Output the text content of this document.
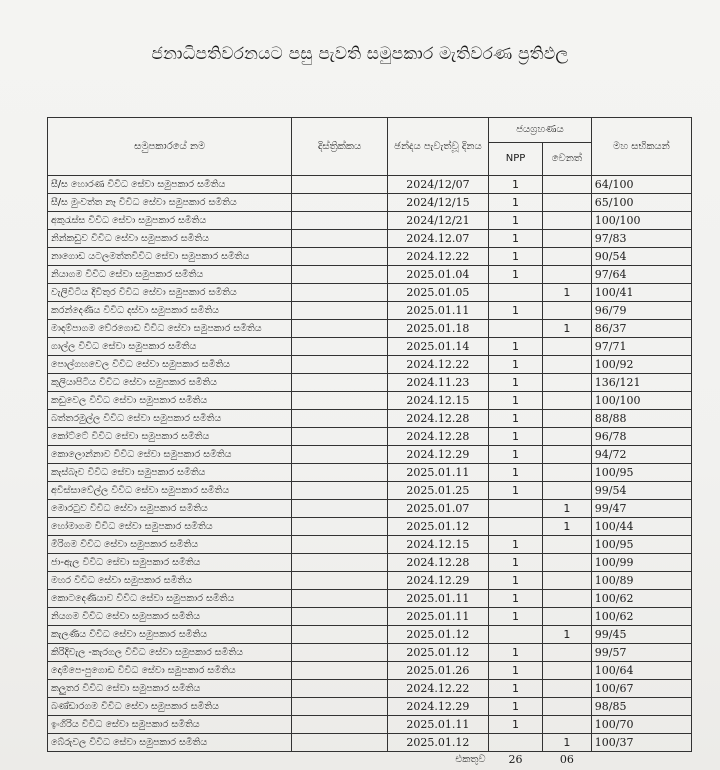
ජනාධිපතිවරනයට පසු පැවති සමුපකාර මැතිවරණ ප්‍රතිඵල
සමුපකාරයේ නම	දිස්ත්‍රික්කය	ඡන්දය පැවැත්වූ දිනය	ජයග්‍රහණය		මහ සභිකයන්
			NPP	වෙනත්	
සී/ස හොරණ විවිධ සේවා සමුපකාර සමිතිය		2024/12/07	1		64/100
සී/ස මුංවත්ත නෑ විවිධ සේවා සමුපකාර සමිතිය		2024/12/15	1		65/100
අකුරැස්ස විවිධ සේවා සමුපකාර සමිතිය		2024/12/21	1		100/100
නින්කඩුව විවිධ සේවා සමුපකාර සමිතිය		2024.12.07	1		97/83
නාගොඩ යටලමත්තවිවිධ සේවා සමුපකාර සමිතිය		2024.12.22	1		90/54
නියාගම විවිධ සේවා සමුපකාර සමිතිය		2025.01.04	1		97/64
වැලිවිටිය දිවිතුර විවිධ සේවා සමුපකාර සමිතිය		2025.01.05		1	100/41
කරන්දෙණිය විවිධ දස්වා සමුපකාර සමිතිය		2025.01.11	1		96/79
මාදම්පාගම වේරගොඩ විවිධ සේවා සමුපකාර සමිතිය		2025.01.18		1	86/37
ගාල්ල විවිධ සේවා සමුපකාර සමිතිය		2025.01.14	1		97/71
පොල්ගහවෙල විවිධ සේවා සමුපකාර සමිතිය		2024.12.22	1		100/92
කුලියාපිටිය විවිධ සේවා සමුපකාර සමිතිය		2024.11.23	1		136/121
කඩුවෙල විවිධ සේවා සමුපකාර සමිතිය		2024.12.15	1		100/100
බත්තරමුල්ල විවිධ සේවා සමුපකාර සමිතිය		2024.12.28	1		88/88
කෝට්ටේ විවිධ සේවා සමුපකාර සමිතිය		2024.12.28	1		96/78
කොලොන්නාව විවිධ සේවා සමුපකාර සමිතිය		2024.12.29	1		94/72
කැස්බෑව විවිධ සේවා සමුපකාර සමිතිය		2025.01.11	1		100/95
අවිස්සාවේල්ල විවිධ සේවා සමුපකාර සමිතිය		2025.01.25	1		99/54
මොරටුව විවිධ සේවා සමුපකාර සමිතිය		2025.01.07		1	99/47
හෝමාගම විවිධ සේවා සමුපකාර සමිතිය		2025.01.12		1	100/44
මීරිගම විවිධ සේවා සමුපකාර සමිතිය		2024.12.15	1		100/95
ජා-ඇල විවිධ සේවා සමුපකාර සමිතිය		2024.12.28	1		100/99
මහර විවිධ සේවා සමුපකාර සමිතිය		2024.12.29	1		100/89
කොටදෙණියාව විවිධ සේවා සමුපකාර සමිතිය		2025.01.11	1		100/62
නියගම විවිධ සේවා සමුපකාර සමිතිය		2025.01.11	1		100/62
කැලණිය විවිධ සේවා සමුපකාර සමිතිය		2025.01.12		1	99/45
කිරිදිවැල -කැරගල විවිධ සේවා සමුපකාර සමිතිය		2025.01.12	1		99/57
දොම්පෙ-පුගොඩ විවිධ සේවා සමුපකාර සමිතිය		2025.01.26	1		100/64
කලුතර විවිධ සේවා සමුපකාර සමිතිය		2024.12.22	1		100/67
බණ්ඩාරගම විවිධ සේවා සමුපකාර සමිතිය		2024.12.29	1		98/85
ඉංගිරිය විවිධ සේවා සමුපකාර සමිතිය		2025.01.11	1		100/70
බේරුවල විවිධ සේවා සමුපකාර සමිතිය		2025.01.12		1	100/37
		එකතුව	26	06	
